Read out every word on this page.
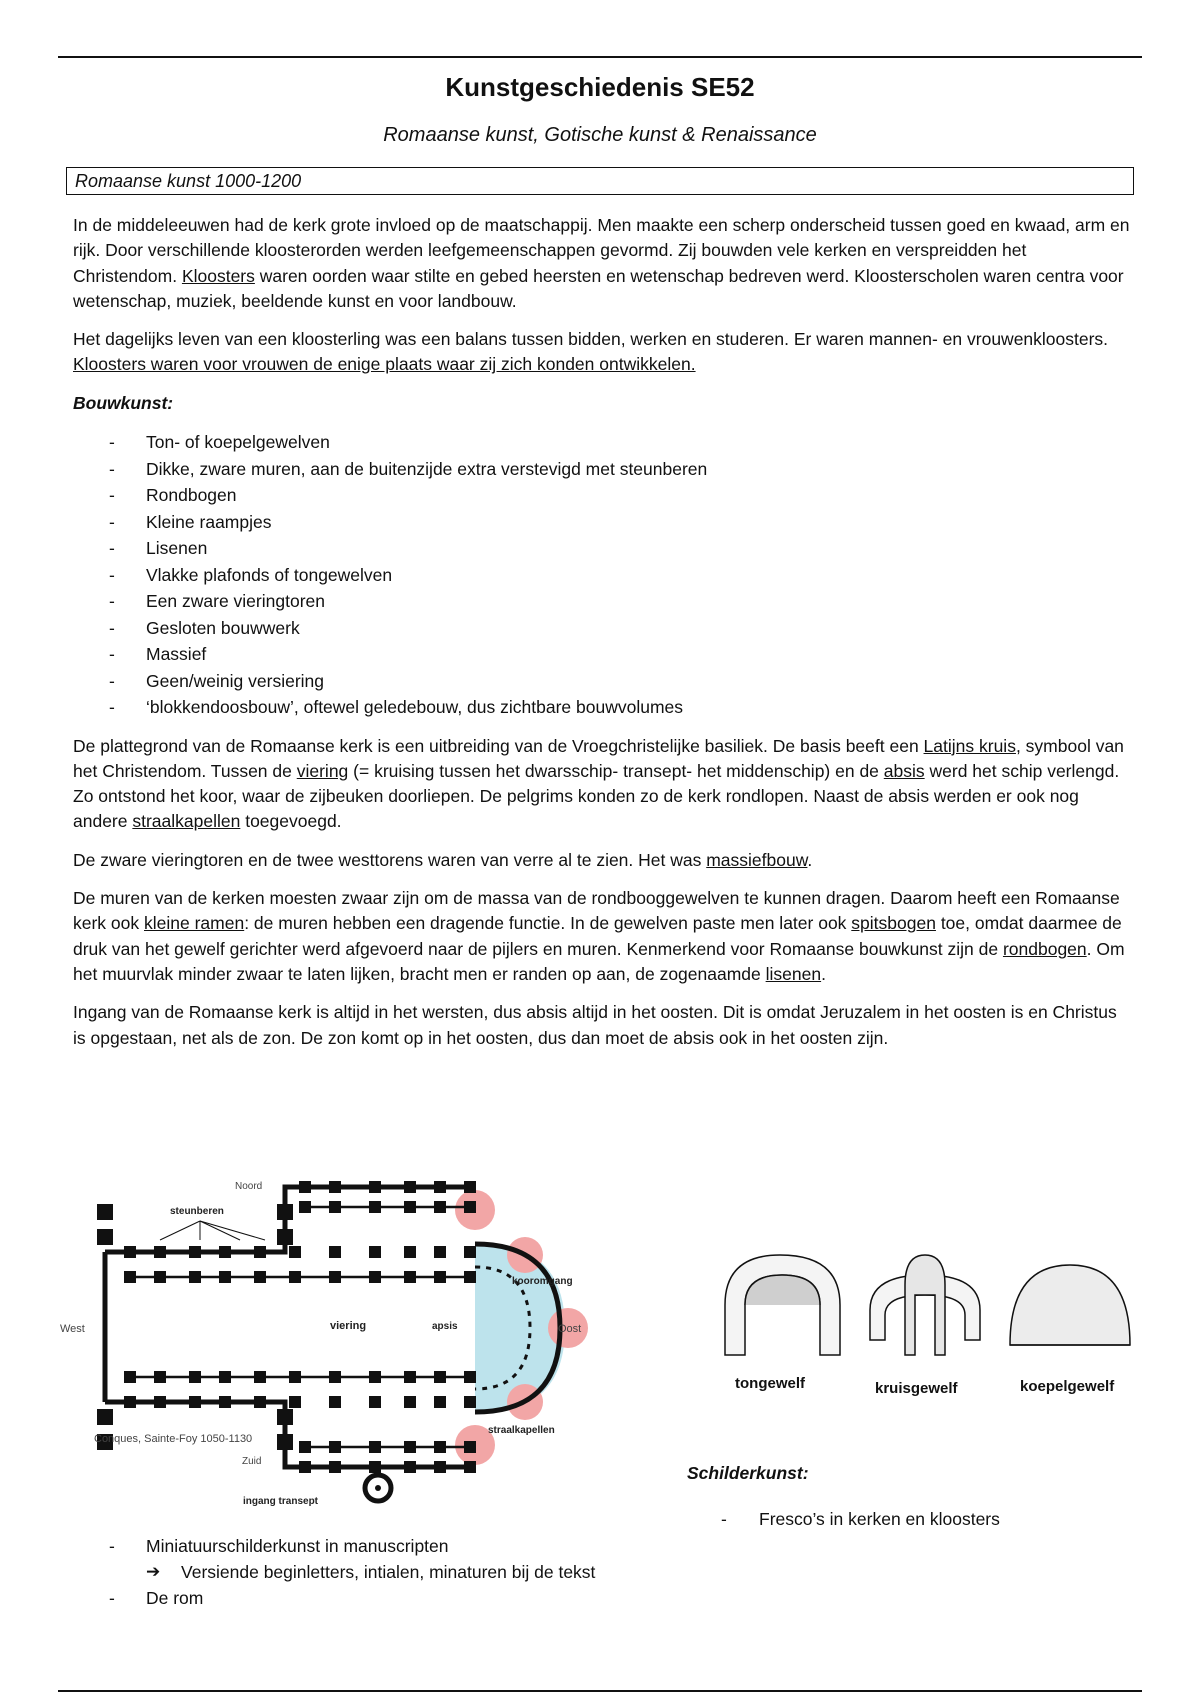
Kunstgeschiedenis SE52
Romaanse kunst, Gotische kunst & Renaissance
Romaanse kunst 1000-1200

In de middeleeuwen had de kerk grote invloed op de maatschappij. Men maakte een scherp onderscheid tussen goed en kwaad, arm en rijk. Door verschillende kloosterorden werden leefgemeenschappen gevormd. Zij bouwden vele kerken en verspreidden het Christendom. Kloosters waren oorden waar stilte en gebed heersten en wetenschap bedreven werd. Kloosterscholen waren centra voor wetenschap, muziek, beeldende kunst en voor landbouw.

Het dagelijks leven van een kloosterling was een balans tussen bidden, werken en studeren. Er waren mannen- en vrouwenkloosters. Kloosters waren voor vrouwen de enige plaats waar zij zich konden ontwikkelen.

Bouwkunst:

- Ton- of koepelgewelven
- Dikke, zware muren, aan de buitenzijde extra verstevigd met steunberen
- Rondbogen
- Kleine raampjes
- Lisenen
- Vlakke plafonds of tongewelven
- Een zware vieringtoren
- Gesloten bouwwerk
- Massief
- Geen/weinig versiering
- ‘blokkendoosbouw’, oftewel geledebouw, dus zichtbare bouwvolumes

De plattegrond van de Romaanse kerk is een uitbreiding van de Vroegchristelijke basiliek. De basis beeft een Latijns kruis, symbool van het Christendom. Tussen de viering (= kruising tussen het dwarsschip- transept- het middenschip) en de absis werd het schip verlengd. Zo ontstond het koor, waar de zijbeuken doorliepen. De pelgrims konden zo de kerk rondlopen. Naast de absis werden er ook nog andere straalkapellen toegevoegd.

De zware vieringtoren en de twee westtorens waren van verre al te zien. Het was massiefbouw.

De muren van de kerken moesten zwaar zijn om de massa van de rondbooggewelven te kunnen dragen. Daarom heeft een Romaanse kerk ook kleine ramen: de muren hebben een dragende functie. In de gewelven paste men later ook spitsbogen toe, omdat daarmee de druk van het gewelf gerichter werd afgevoerd naar de pijlers en muren. Kenmerkend voor Romaanse bouwkunst zijn de rondbogen. Om het muurvlak minder zwaar te laten lijken, bracht men er randen op aan, de zogenaamde lisenen.

Ingang van de Romaanse kerk is altijd in het wersten, dus absis altijd in het oosten. Dit is omdat Jeruzalem in het oosten is en Christus is opgestaan, net als de zon. De zon komt op in het oosten, dus dan moet de absis ook in het oosten zijn.

Noord
steunberen
West	viering	apsis
kooromgang
Oost
straalkapellen
Conques, Sainte-Foy 1050-1130
Zuid
ingang transept
tongewelf	kruisgewelf	koepelgewelf
Schilderkunst:
- Fresco’s in kerken en kloosters
- Miniatuurschilderkunst in manuscripten
➔ Versiende beginletters, intialen, minaturen bij de tekst
- De rom
